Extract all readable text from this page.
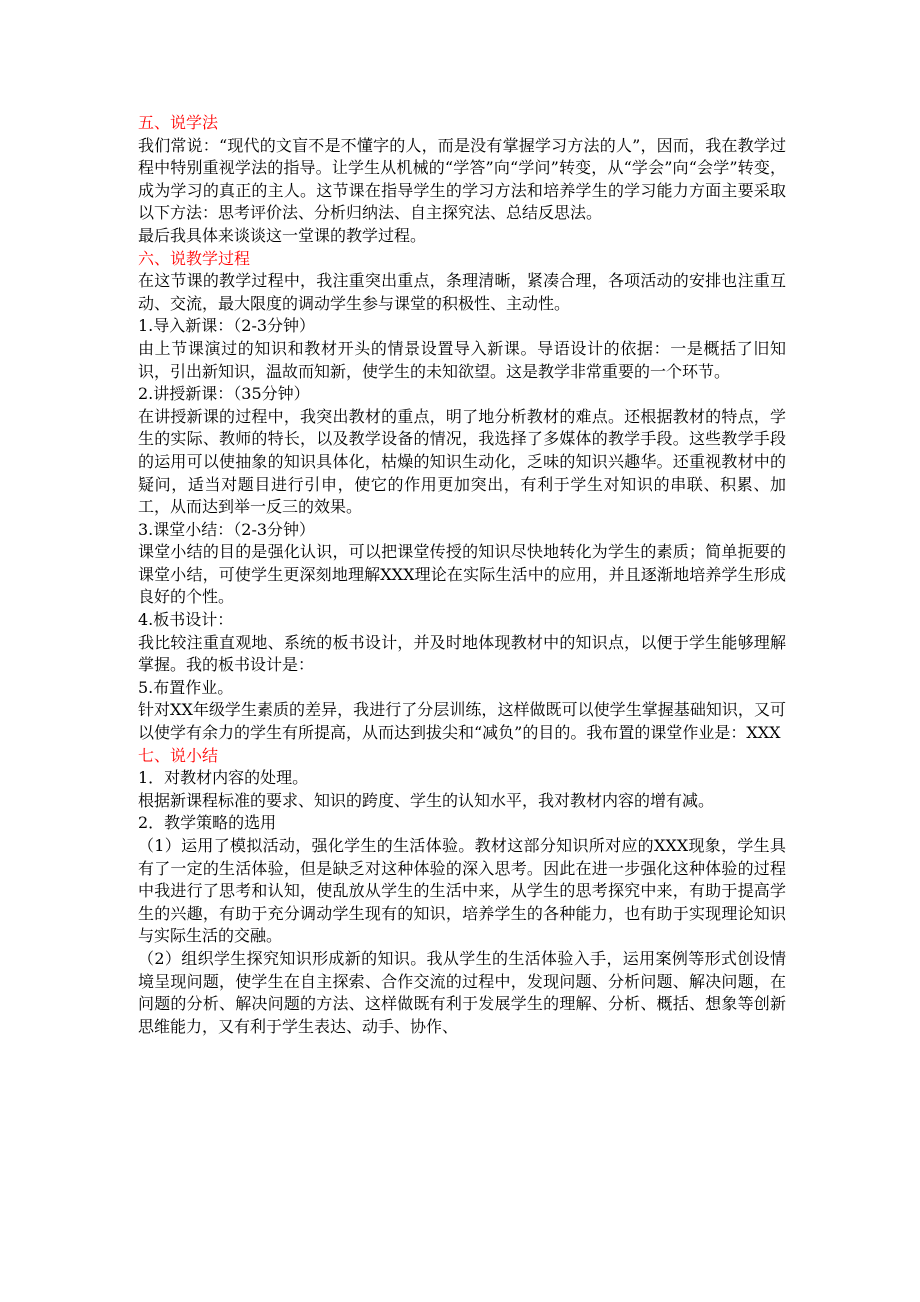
五、说学法

我们常说：“现代的文盲不是不懂字的人，而是没有掌握学习方法的人”，因而，我在教学过程中特别重视学法的指导。让学生从机械的“学答”向“学问”转变，从“学会”向“会学”转变，成为学习的真正的主人。这节课在指导学生的学习方法和培养学生的学习能力方面主要采取以下方法：思考评价法、分析归纳法、自主探究法、总结反思法。

最后我具体来谈谈这一堂课的教学过程。

六、说教学过程

在这节课的教学过程中，我注重突出重点，条理清晰，紧凑合理，各项活动的安排也注重互动、交流，最大限度的调动学生参与课堂的积极性、主动性。

1.导入新课：（2-3分钟）

由上节课演过的知识和教材开头的情景设置导入新课。导语设计的依据：一是概括了旧知识，引出新知识，温故而知新，使学生的未知欲望。这是教学非常重要的一个环节。

2.讲授新课：（35分钟）

在讲授新课的过程中，我突出教材的重点，明了地分析教材的难点。还根据教材的特点，学生的实际、教师的特长，以及教学设备的情况，我选择了多媒体的教学手段。这些教学手段的运用可以使抽象的知识具体化，枯燥的知识生动化，乏味的知识兴趣华。还重视教材中的疑问，适当对题目进行引申，使它的作用更加突出，有利于学生对知识的串联、积累、加工，从而达到举一反三的效果。

3.课堂小结：（2-3分钟）

课堂小结的目的是强化认识，可以把课堂传授的知识尽快地转化为学生的素质；简单扼要的课堂小结，可使学生更深刻地理解XXX理论在实际生活中的应用，并且逐渐地培养学生形成良好的个性。

4.板书设计：

我比较注重直观地、系统的板书设计，并及时地体现教材中的知识点，以便于学生能够理解掌握。我的板书设计是：

5.布置作业。

针对XX年级学生素质的差异，我进行了分层训练，这样做既可以使学生掌握基础知识，又可以使学有余力的学生有所提高，从而达到拔尖和“减负”的目的。我布置的课堂作业是：XXX

七、说小结

1．对教材内容的处理。

根据新课程标准的要求、知识的跨度、学生的认知水平，我对教材内容的增有减。

2．教学策略的选用

（1）运用了模拟活动，强化学生的生活体验。教材这部分知识所对应的XXX现象，学生具有了一定的生活体验，但是缺乏对这种体验的深入思考。因此在进一步强化这种体验的过程中我进行了思考和认知，使乱放从学生的生活中来，从学生的思考探究中来，有助于提高学生的兴趣，有助于充分调动学生现有的知识，培养学生的各种能力，也有助于实现理论知识与实际生活的交融。

（2）组织学生探究知识形成新的知识。我从学生的生活体验入手，运用案例等形式创设情境呈现问题，使学生在自主探索、合作交流的过程中，发现问题、分析问题、解决问题，在问题的分析、解决问题的方法、这样做既有利于发展学生的理解、分析、概括、想象等创新思维能力，又有利于学生表达、动手、协作、
